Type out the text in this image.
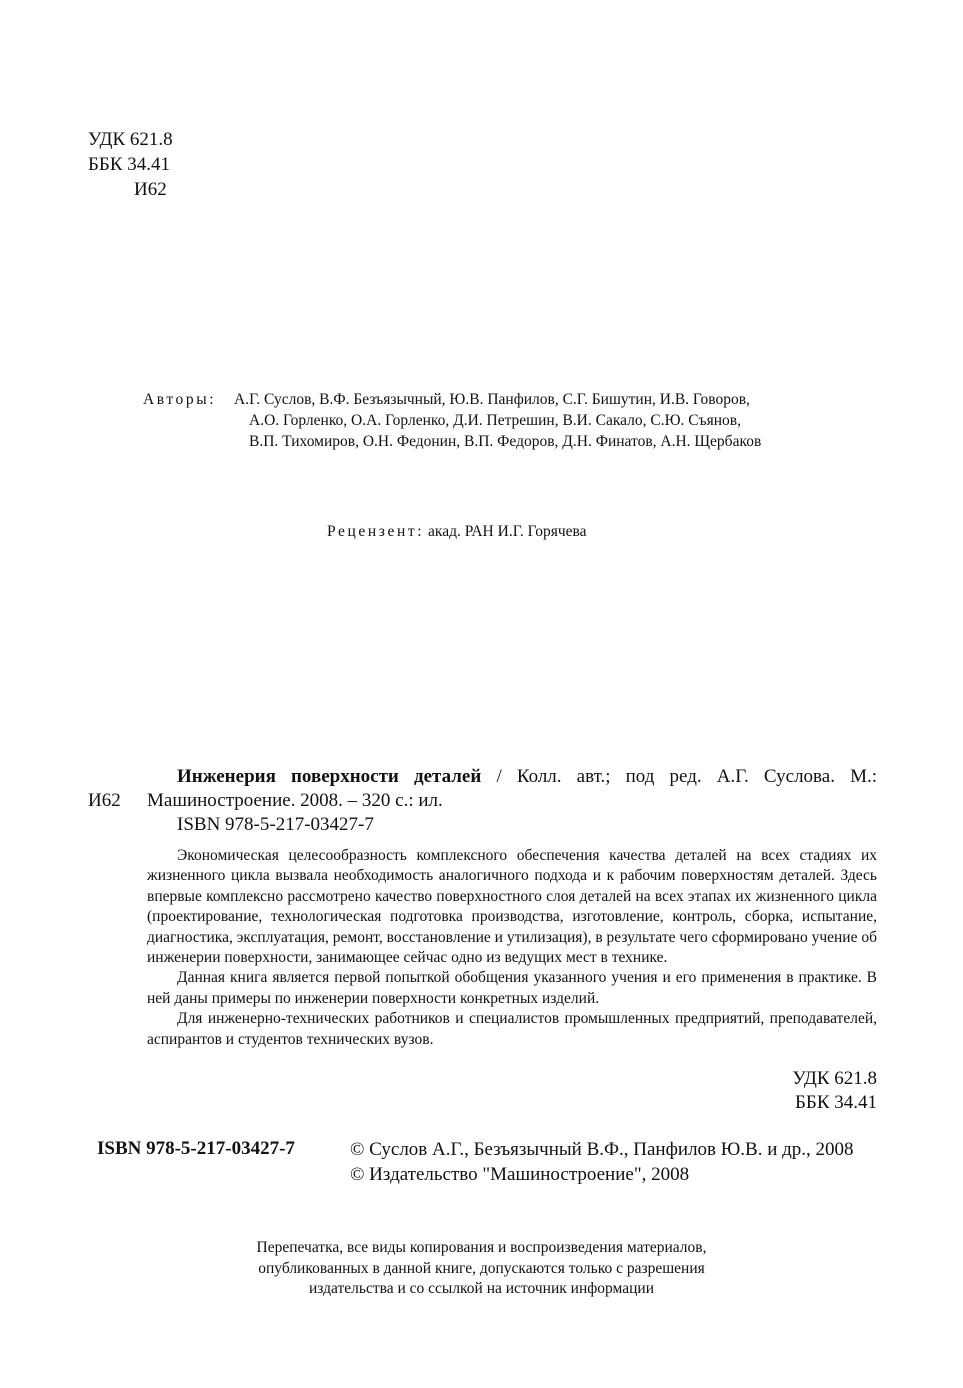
УДК 621.8
ББК 34.41
И62
Авторы: А.Г. Суслов, В.Ф. Безъязычный, Ю.В. Панфилов, С.Г. Бишутин, И.В. Говоров,
А.О. Горленко, О.А. Горленко, Д.И. Петрешин, В.И. Сакало, С.Ю. Съянов,
В.П. Тихомиров, О.Н. Федонин, В.П. Федоров, Д.Н. Финатов, А.Н. Щербаков
Рецензент: акад. РАН И.Г. Горячева
Инженерия поверхности деталей / Колл. авт.; под ред. А.Г. Суслова. М.:
И62 Машиностроение. 2008. – 320 с.: ил.
ISBN 978-5-217-03427-7

Экономическая целесообразность комплексного обеспечения качества деталей на всех стадиях их жизненного цикла вызвала необходимость аналогичного подхода и к рабочим поверхностям деталей. Здесь впервые комплексно рассмотрено качество поверхностного слоя деталей на всех этапах их жизненного цикла (проектирование, технологическая подготовка производства, изготовление, контроль, сборка, испытание, диагностика, эксплуатация, ремонт, восстановление и утилизация), в результате чего сформировано учение об инженерии поверхности, занимающее сейчас одно из ведущих мест в технике.

Данная книга является первой попыткой обобщения указанного учения и его применения в практике. В ней даны примеры по инженерии поверхности конкретных изделий.

Для инженерно-технических работников и специалистов промышленных предприятий, преподавателей, аспирантов и студентов технических вузов.

УДК 621.8
ББК 34.41
ISBN 978-5-217-03427-7	© Суслов А.Г., Безъязычный В.Ф., Панфилов Ю.В. и др., 2008
© Издательство "Машиностроение", 2008
Перепечатка, все виды копирования и воспроизведения материалов,
опубликованных в данной книге, допускаются только с разрешения
издательства и со ссылкой на источник информации
